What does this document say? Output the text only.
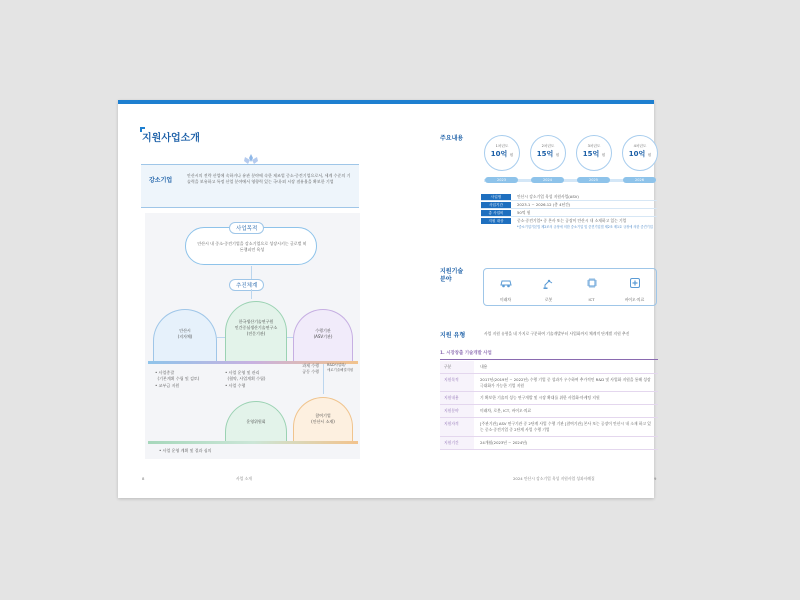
지원사업소개
강소기업
안산시의 전략 산업에 속하거나 유관 분야에 속한 제조업 중소·중견기업으로서, 세계 수준의 기술력을 보유하고 특정 산업 분야에서 영향력 있는 국내·외 시장 점유율을 확보한 기업
사업목적
안산시 내 중소·중견기업을 강소기업으로 성장시키는 글로벌 히든챔피언 육성
추진체계
안산시
(지자체)
한국생산기술연구원
인간중심생산기술연구소
(전문기관)
수행기관
(ASV기관)
• 사업총괄
(기본계획 수립 및 검토)
• 교부금 지원
• 사업 운영 및 관리
(협약, 사업계획 수립)
• 사업 수행
과제 수행
공동 수행
R&D사업화/
애로기술해결지원
운영위원회
참여기업
(안산시 소재)
• 사업 운영 계획 및 결과 심의
8	사업 소개
주요내용
1차년도
10억 원
2023
2차년도
15억 원
2024
3차년도
15억 원
2025
4차년도
10억 원
2026
사업명	안산시 강소기업 육성 지원사업(ASV)
사업기간	2023.1 ~ 2026.12 (총 4년간)
총 사업비	50억 원
지원 대상	중소·중견기업* 중 본사 또는 공장이 안산시 내 소재하고 있는 기업
*중소기업기본법 제2조의 규정에 의한 중소기업 및 중견기업법 제2조 제1호 규정에 의한 중견기업
지원기술
분야
미래차	로봇	ICT	바이오·의료
지원 유형	사업 지원 유형을 네 가지로 구분하여 기술개발부터 사업화까지 체계적 단계별 지원 추진
1. 시장창출 기술개발 사업
구분	내용
지원목적	2017년(2019년 ~ 2022년) 수행 기업 중 성과가 우수하여 추가적인 R&D 및 사업화 지원을 통해 성장 극대화가 가능한 기업 지원
지원내용	기 확보한 기술의 성능 연구개발 및 시장 확대를 위한 사업화·마케팅 지원
지원분야	미래차, 로봇, ICT, 바이오·의료
지원자격	[주관기관] ASV 연구기관 중 2단계 사업 수행 기관 [참여기관] 본사 또는 공장이 안산시 내 소재 하고 있는 중소·중견기업 중 2단계 사업 수행 기업
지원기간	24개월(2023년 ~ 2024년)
2024 안산시 강소기업 육성 지원사업 성과사례집	9
